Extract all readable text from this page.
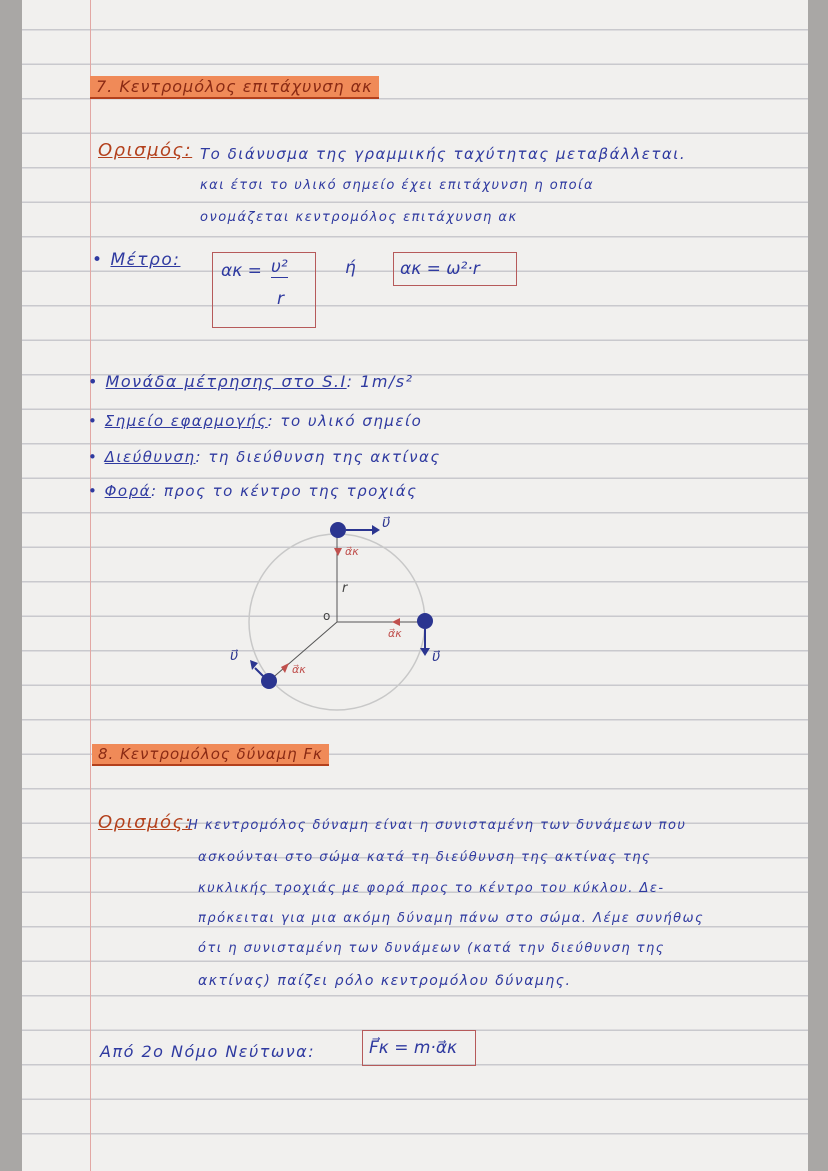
7. Κεντρομόλος επιτάχυνση ακ
Ορισμός: Το διάνυσμα της γραμμικής ταχύτητας μεταβάλλεται.
και έτσι το υλικό σημείο έχει επιτάχυνση η οποία
ονομάζεται κεντρομόλος επιτάχυνση ακ
• Μέτρο:
ακ = υ²
r
ή	ακ = ω²·r
• Μονάδα μέτρησης στο S.I: 1m/s²
• Σημείο εφαρμογής: το υλικό σημείο
• Διεύθυνση: τη διεύθυνση της ακτίνας
• Φορά: προς το κέντρο της τροχιάς
α⃗κ
α⃗κ
α⃗κ
υ⃗
υ⃗
υ⃗
r
o
8. Κεντρομόλος δύναμη Fκ
Ορισμός:
Η κεντρομόλος δύναμη είναι η συνισταμένη των δυνάμεων που
ασκούνται στο σώμα κατά τη διεύθυνση της ακτίνας της
κυκλικής τροχιάς με φορά προς το κέντρο του κύκλου. Δε-
πρόκειται για μια ακόμη δύναμη πάνω στο σώμα. Λέμε συνήθως
ότι η συνισταμένη των δυνάμεων (κατά την διεύθυνση της
ακτίνας) παίζει ρόλο κεντρομόλου δύναμης.
Από 2ο Νόμο Νεύτωνα:	F⃗κ = m·α⃗κ
